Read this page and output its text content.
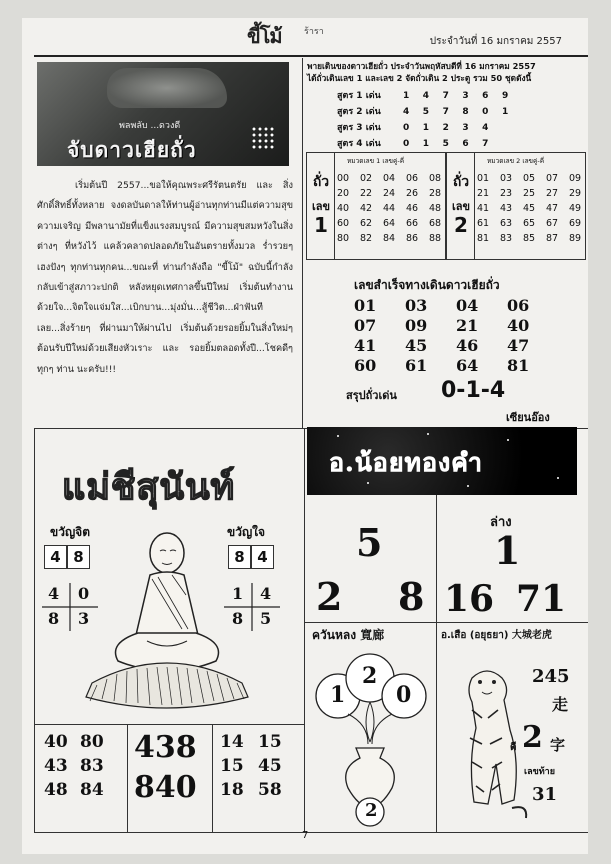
ขี้โม้ ร้ารา
ประจำวันที่ 16 มกราคม 2557
พลพลับ ...ดวงดี
จับดาวเฮียถั่ว
เริ่มต้นปี 2557...ขอให้คุณพระศรีรัตนตรัย และ สิ่งศักดิ์สิทธิ์ทั้งหลาย จงดลบันดาลให้ท่านผู้อ่านทุกท่านมีแต่ความสุขความเจริญ มีพลานามัยที่แข็งแรงสมบูรณ์ มีความสุขสมหวังในสิ่งต่างๆ ที่หวังไว้ แคล้วคลาดปลอดภัยในอันตรายทั้งมวล ร่ำรวยๆ เฮงปังๆ ทุกท่านทุกคน...ขณะที่ ท่านกำลังถือ "ขี้โม้" ฉบับนี้กำลังกลับเข้าสู่สภาวะปกติ หลังหยุดเทศกาลขึ้นปีใหม่ เริ่มต้นทำงานด้วยใจ...จิตใจแจ่มใส...เบิกบาน...มุ่งมั่น...สู้ชีวิต...ฝ่าฟันทีเลย...สิ่งร้ายๆ ที่ผ่านมาให้ผ่านไป เริ่มต้นด้วยรอยยิ้มในสิ่งใหม่ๆ ต้อนรับปีใหม่ด้วยเสียงหัวเราะ และ รอยยิ้มตลอดทั้งปี...โชคดีๆ ทุกๆ ท่าน นะครับ!!!
พายเดินของดาวเฮียถั่ว ประจำวันพฤหัสบดีที่ 16 มกราคม 2557
ได้ถั่วเดินเลข 1 และเลข 2 จัดถั่วเดิน 2 ประตู รวม 50 ชุดดังนี้
สูตร 1 เด่น 1 4 7 3 6 9
สูตร 2 เด่น 4 5 7 8 0 1
สูตร 3 เด่น 0 1 2 3 4
สูตร 4 เด่น 0 1 5 6 7
ถั่ว
เลข
1
หมวดเลข 1 เลขคู่-คี่
00	02	04	06	08
20	22	24	26	28
40	42	44	46	48
60	62	64	66	68
80	82	84	86	88
ถั่ว
เลข
2
หมวดเลข 2 เลขคู่-คี่
01	03	05	07	09
21	23	25	27	29
41	43	45	47	49
61	63	65	67	69
81	83	85	87	89
เลขสำเร็จทางเดินดาวเฮียถั่ว
01	03	04	06
07	09	21	40
41	45	46	47
60	61	64	81
สรุปถั่วเด่น 0-1-4
เซียนอ๊อง
แม่ชีสุนันท์
ขวัญจิต	ขวัญใจ
4 8	8 4
4 0
8 3
1 4
8 5
40 80
43 83
48 84
438
840
14 15
15 45
18 58
อ.น้อยทองคำ
5
2 8
ล่าง
1
16 71
ควันหลง 寬廊
1
2
0
2
อ.เสือ (อยุธยา) 大城老虎
245
走
ดี 2 字
เลขท้าย
31
7
